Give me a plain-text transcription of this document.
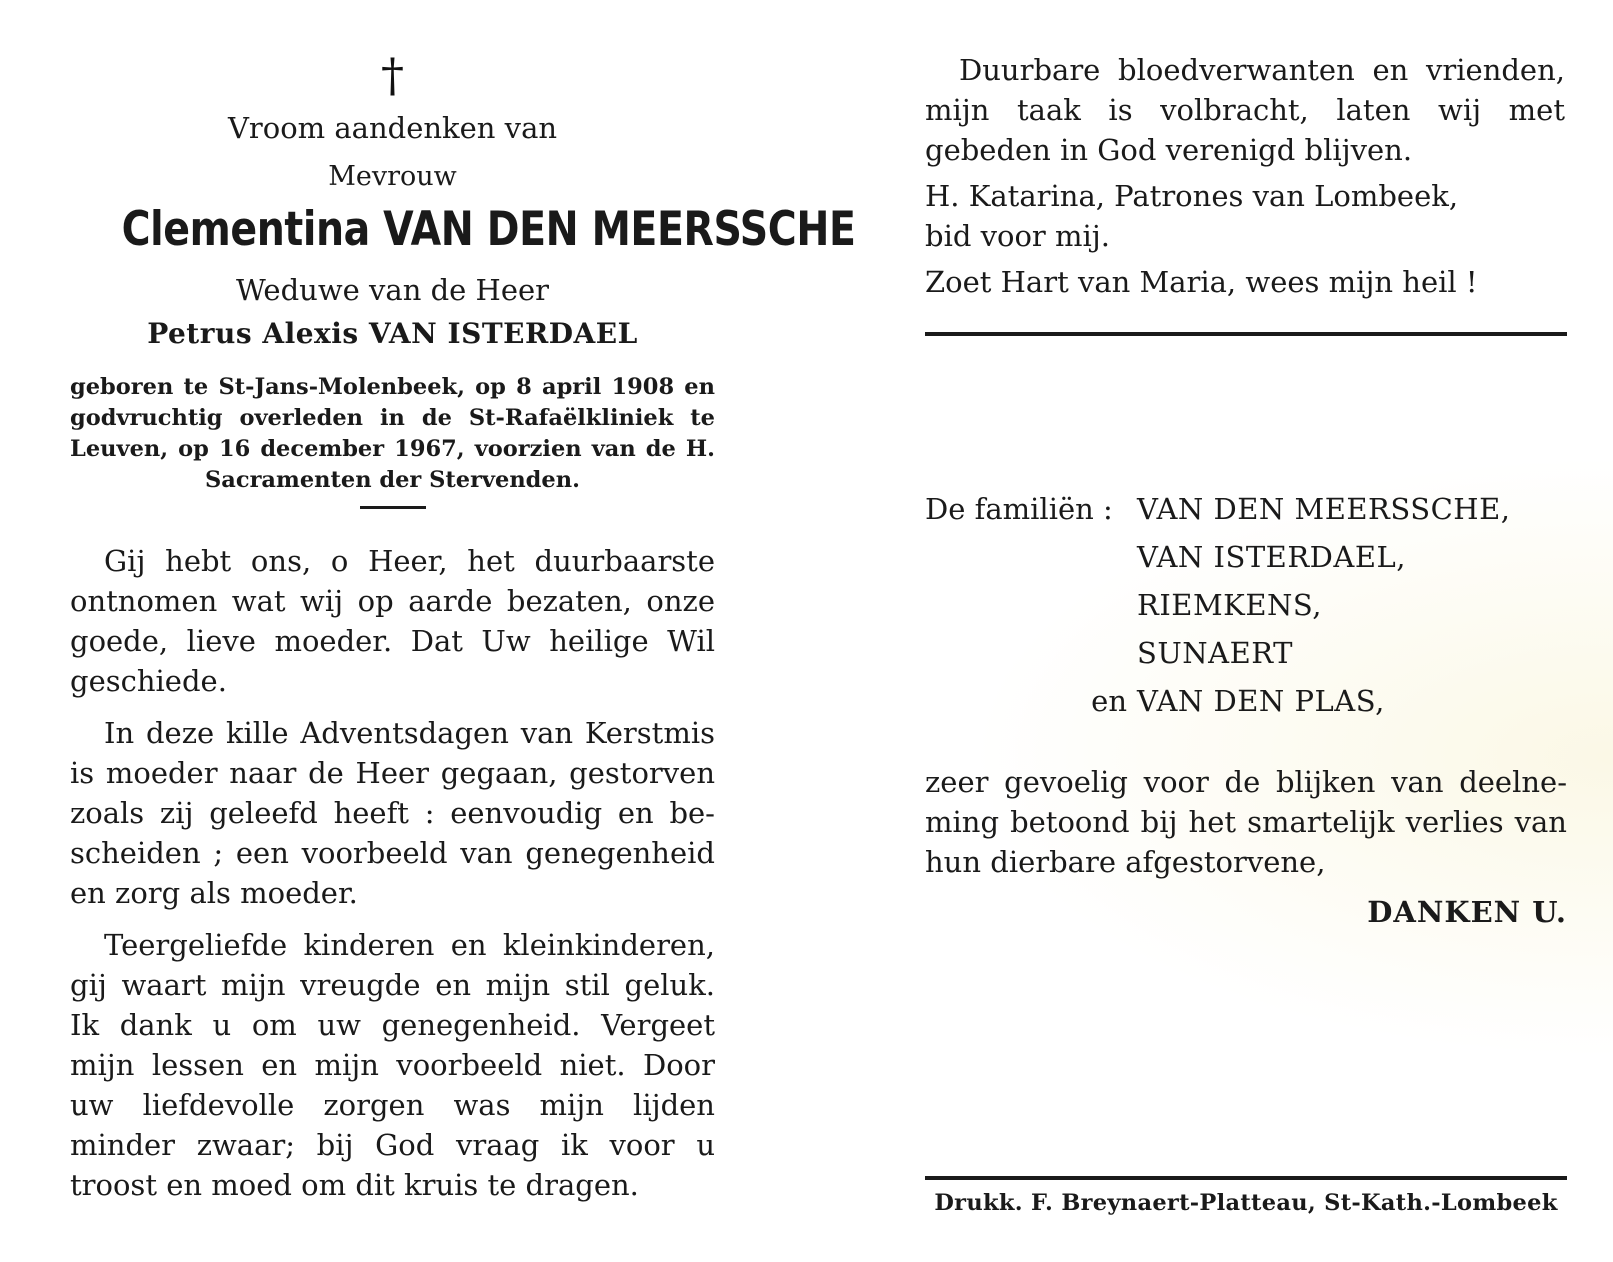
†
Vroom aandenken van
Mevrouw
Clementina VAN DEN MEERSSCHE
Weduwe van de Heer
Petrus Alexis VAN ISTERDAEL
geboren te St-Jans-Molenbeek, op 8 april 1908 en godvruchtig overleden in de St-Rafaëlkliniek te Leuven, op 16 december 1967, voorzien van de H. Sacramenten der Stervenden.

Gij hebt ons, o Heer, het duurbaarste ontnomen wat wij op aarde bezaten, onze goede, lieve moeder. Dat Uw heilige Wil geschiede.

In deze kille Adventsdagen van Kerstmis is moeder naar de Heer gegaan, gestorven zoals zij geleefd heeft : eenvoudig en be- scheiden ; een voorbeeld van genegenheid en zorg als moeder.

Teergeliefde kinderen en kleinkinderen, gij waart mijn vreugde en mijn stil geluk. Ik dank u om uw genegenheid. Vergeet mijn lessen en mijn voorbeeld niet. Door uw liefdevolle zorgen was mijn lijden minder zwaar; bij God vraag ik voor u troost en moed om dit kruis te dragen.

Duurbare bloedverwanten en vrienden, mijn taak is volbracht, laten wij met gebeden in God verenigd blijven.

H. Katarina, Patrones van Lombeek,

bid voor mij.

Zoet Hart van Maria, wees mijn heil !

De familiën : VAN DEN MEERSSCHE,
VAN ISTERDAEL,
RIEMKENS,
SUNAERT
en VAN DEN PLAS,

zeer gevoelig voor de blijken van deelne- ming betoond bij het smartelijk verlies van hun dierbare afgestorvene,

DANKEN U.
Drukk. F. Breynaert-Platteau, St-Kath.-Lombeek
